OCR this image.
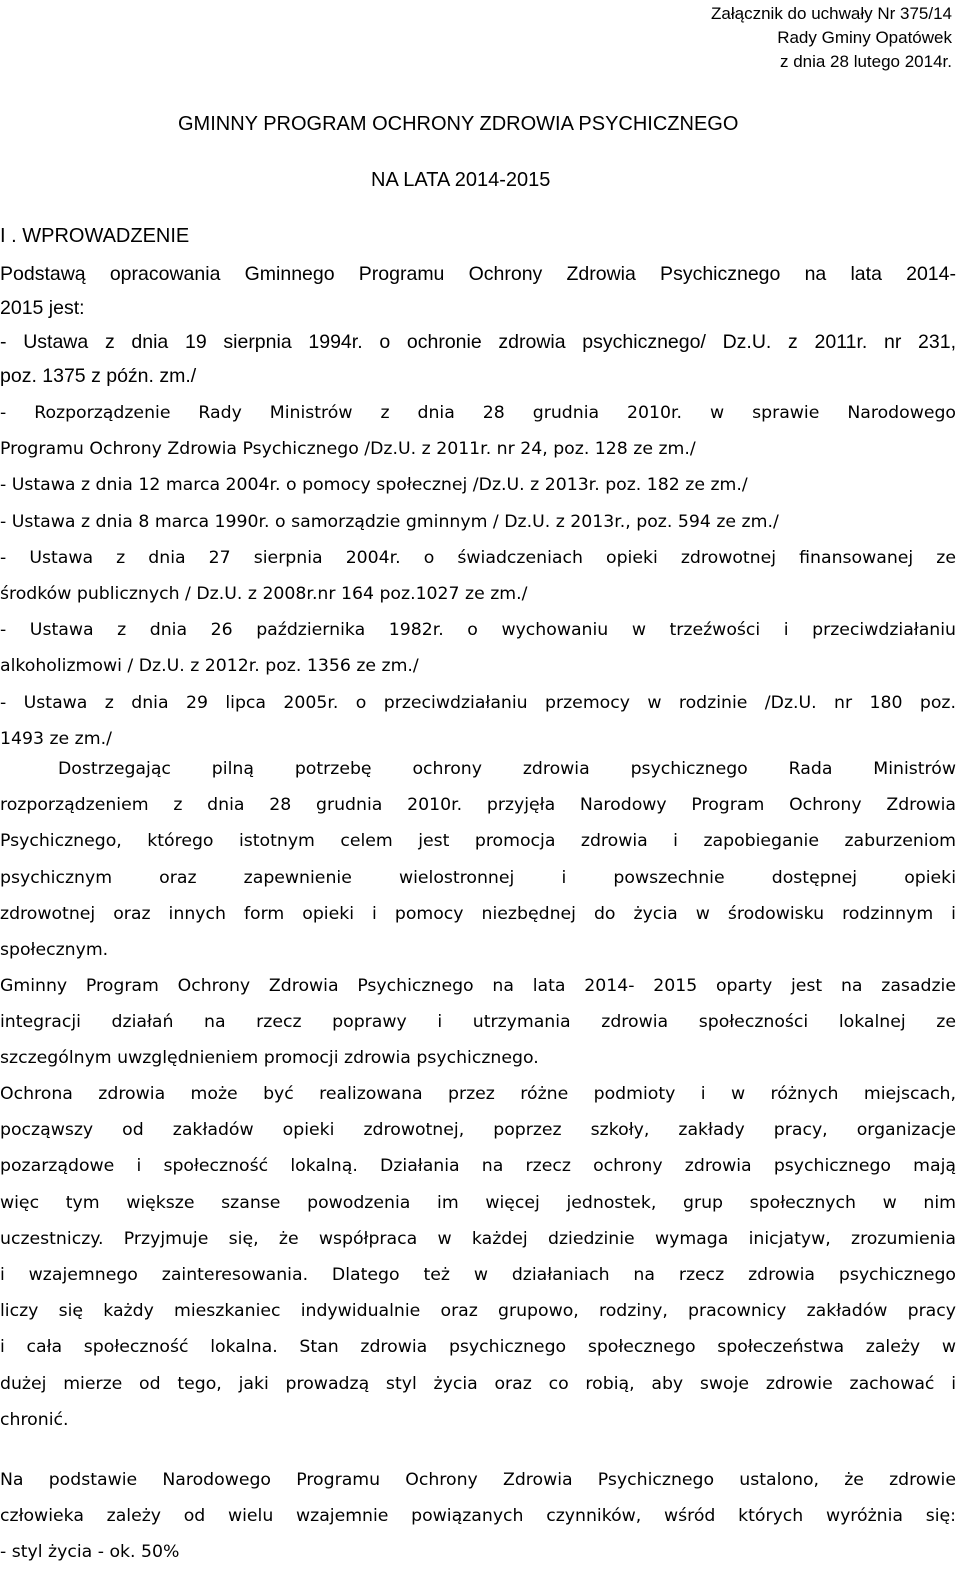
Załącznik do uchwały Nr 375/14
Rady Gminy Opatówek
z dnia 28 lutego 2014r.
GMINNY PROGRAM OCHRONY ZDROWIA PSYCHICZNEGO
NA LATA 2014-2015
I . WPROWADZENIE
Podstawą opracowania Gminnego Programu Ochrony Zdrowia Psychicznego na lata 2014-
2015 jest:
- Ustawa z dnia 19 sierpnia 1994r. o ochronie zdrowia psychicznego/ Dz.U. z 2011r. nr 231,
poz. 1375 z późn. zm./
- Rozporządzenie Rady Ministrów z dnia 28 grudnia 2010r. w sprawie Narodowego
Programu Ochrony Zdrowia Psychicznego /Dz.U. z 2011r. nr 24, poz. 128 ze zm./
- Ustawa z dnia 12 marca 2004r. o pomocy społecznej /Dz.U. z 2013r. poz. 182 ze zm./
- Ustawa z dnia 8 marca 1990r. o samorządzie gminnym / Dz.U. z 2013r., poz. 594 ze zm./
- Ustawa z dnia 27 sierpnia 2004r. o świadczeniach opieki zdrowotnej finansowanej ze
środków publicznych / Dz.U. z 2008r.nr 164 poz.1027 ze zm./
- Ustawa z dnia 26 października 1982r. o wychowaniu w trzeźwości i przeciwdziałaniu
alkoholizmowi / Dz.U. z 2012r. poz. 1356 ze zm./
- Ustawa z dnia 29 lipca 2005r. o przeciwdziałaniu przemocy w rodzinie /Dz.U. nr 180 poz.
1493 ze zm./
Dostrzegając pilną potrzebę ochrony zdrowia psychicznego Rada Ministrów
rozporządzeniem z dnia 28 grudnia 2010r. przyjęła Narodowy Program Ochrony Zdrowia
Psychicznego, którego istotnym celem jest promocja zdrowia i zapobieganie zaburzeniom
psychicznym oraz zapewnienie wielostronnej i powszechnie dostępnej opieki
zdrowotnej oraz innych form opieki i pomocy niezbędnej do życia w środowisku rodzinnym i
społecznym.
Gminny Program Ochrony Zdrowia Psychicznego na lata 2014- 2015 oparty jest na zasadzie
integracji działań na rzecz poprawy i utrzymania zdrowia społeczności lokalnej ze
szczególnym uwzględnieniem promocji zdrowia psychicznego.
Ochrona zdrowia może być realizowana przez różne podmioty i w różnych miejscach,
począwszy od zakładów opieki zdrowotnej, poprzez szkoły, zakłady pracy, organizacje
pozarządowe i społeczność lokalną. Działania na rzecz ochrony zdrowia psychicznego mają
więc tym większe szanse powodzenia im więcej jednostek, grup społecznych w nim
uczestniczy. Przyjmuje się, że współpraca w każdej dziedzinie wymaga inicjatyw, zrozumienia
i wzajemnego zainteresowania. Dlatego też w działaniach na rzecz zdrowia psychicznego
liczy się każdy mieszkaniec indywidualnie oraz grupowo, rodziny, pracownicy zakładów pracy
i cała społeczność lokalna. Stan zdrowia psychicznego społecznego społeczeństwa zależy w
dużej mierze od tego, jaki prowadzą styl życia oraz co robią, aby swoje zdrowie zachować i
chronić.
Na podstawie Narodowego Programu Ochrony Zdrowia Psychicznego ustalono, że zdrowie
człowieka zależy od wielu wzajemnie powiązanych czynników, wśród których wyróżnia się:
- styl życia - ok. 50%
